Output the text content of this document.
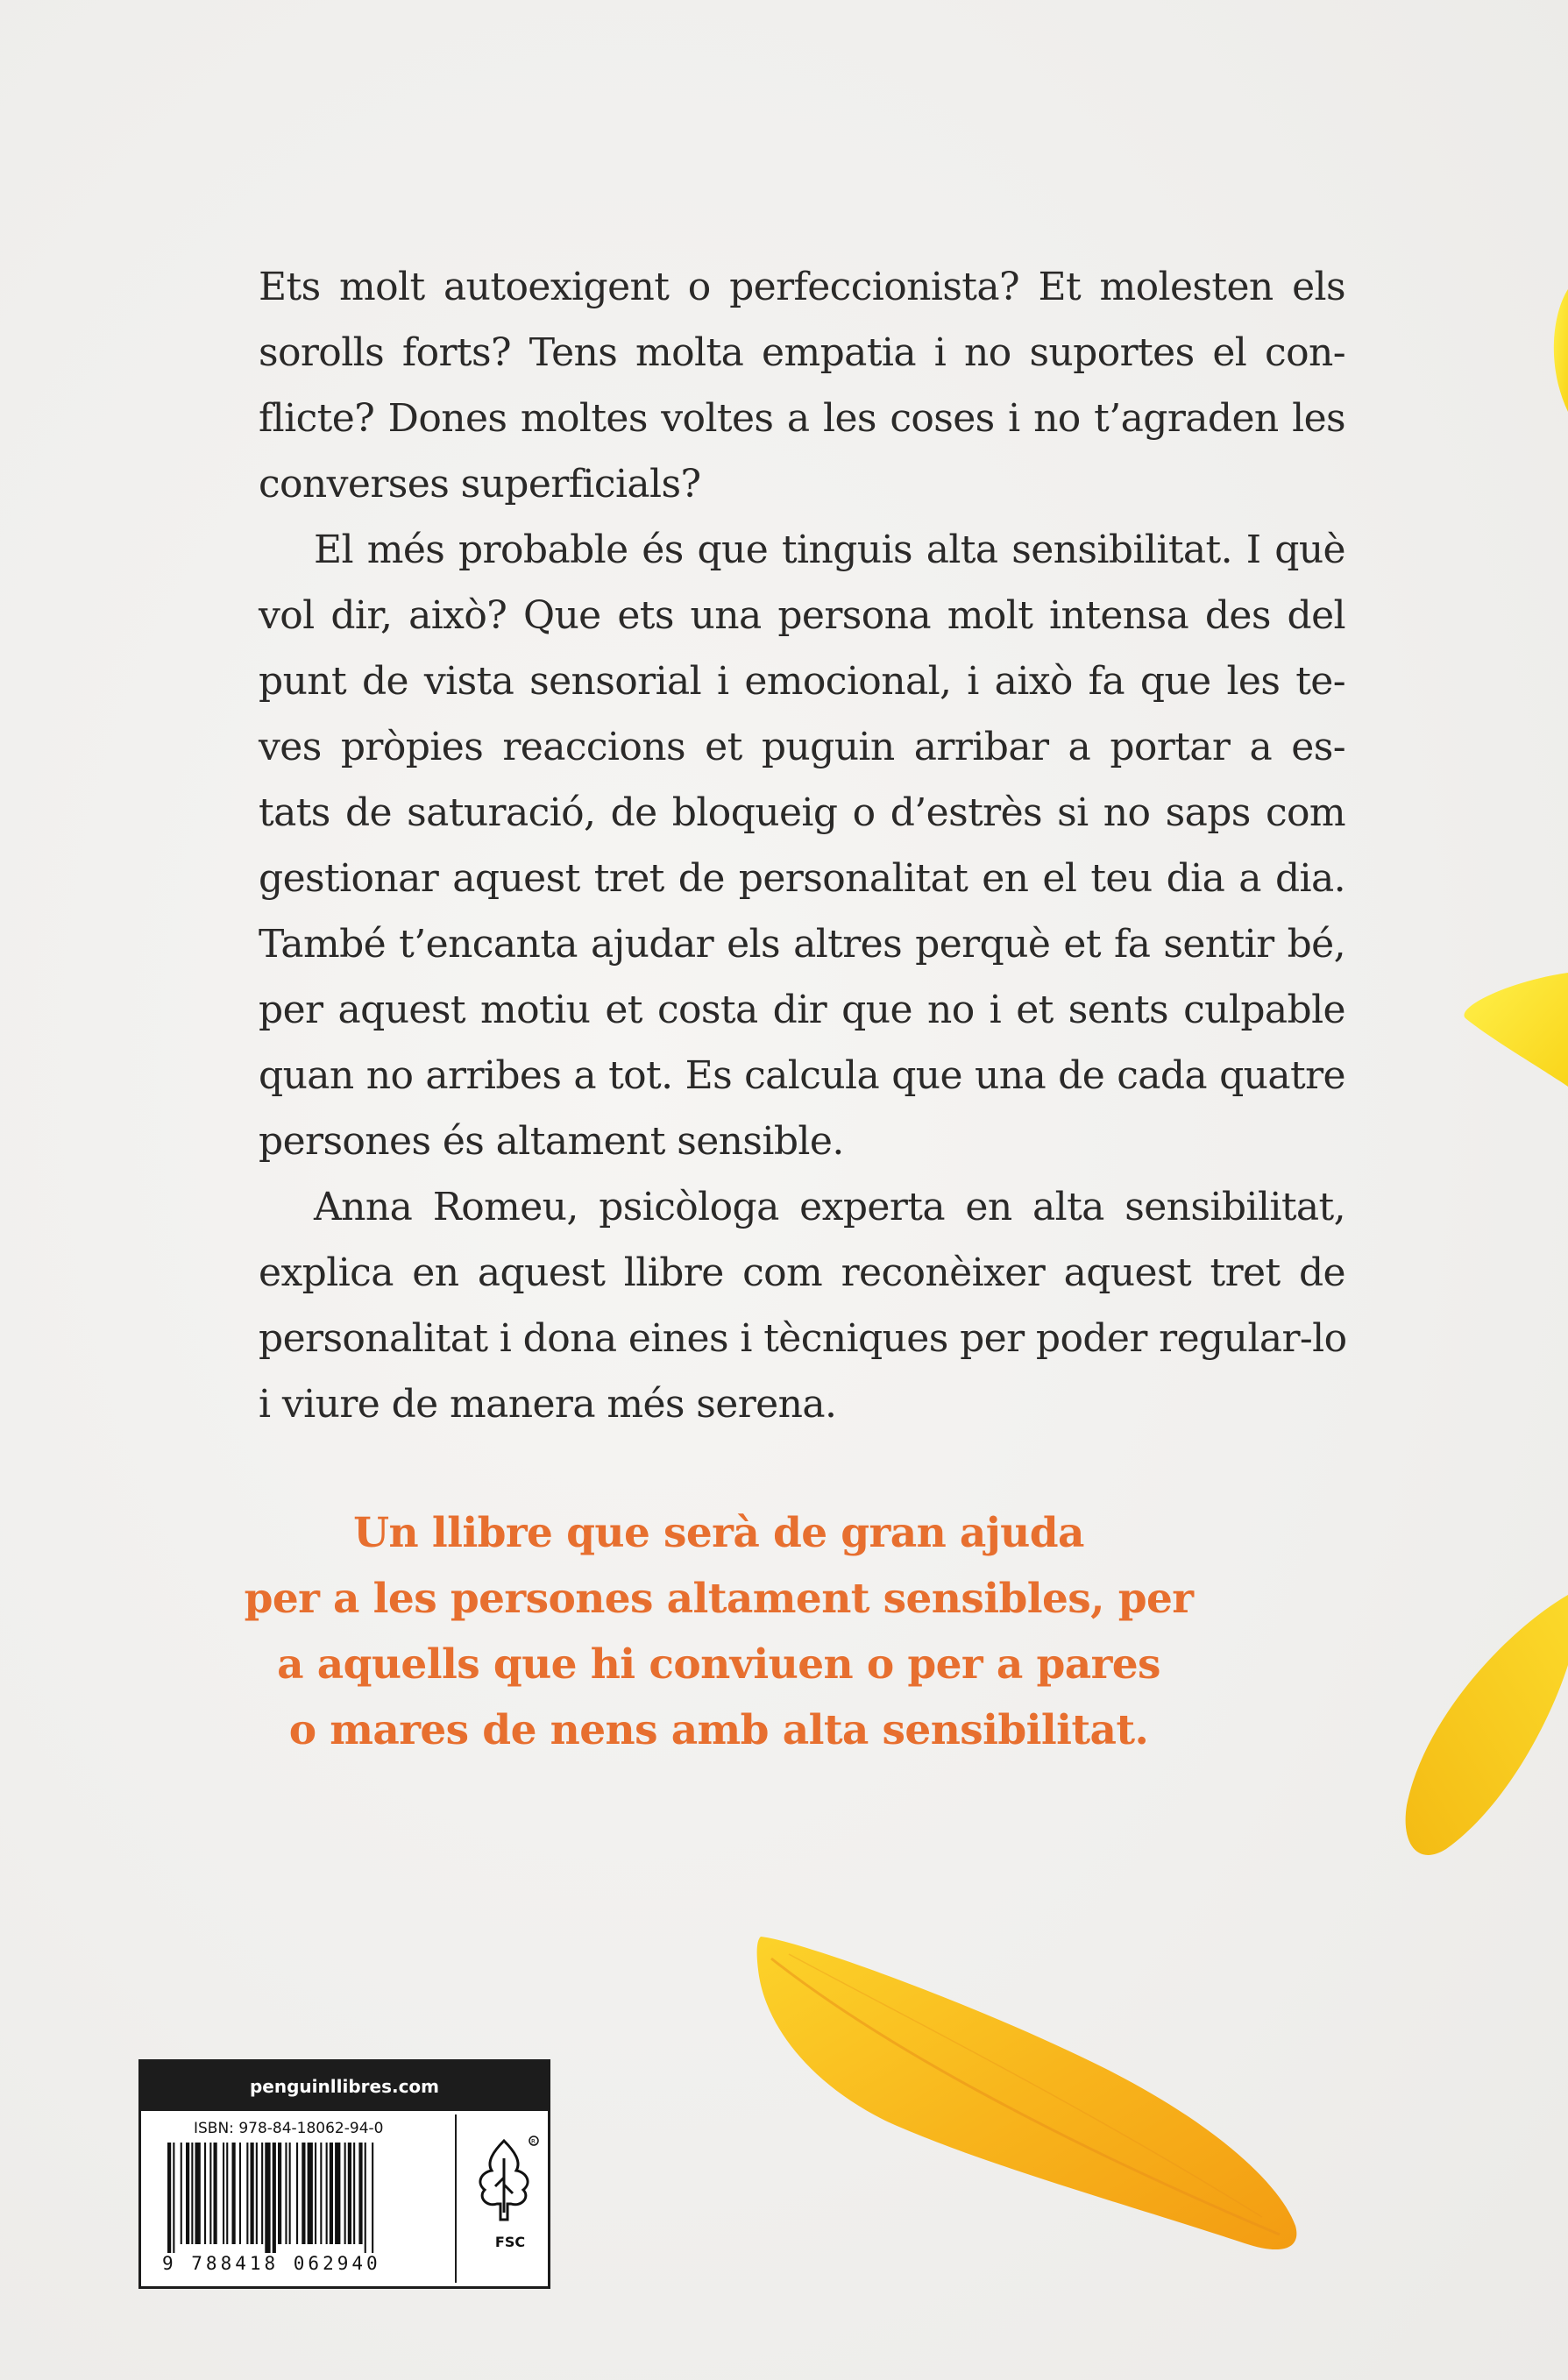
Ets molt autoexigent o perfeccionista? Et molesten els
sorolls forts? Tens molta empatia i no suportes el con-
flicte? Dones moltes voltes a les coses i no t’agraden les
converses superficials?
El més probable és que tinguis alta sensibilitat. I què
vol dir, això? Que ets una persona molt intensa des del
punt de vista sensorial i emocional, i això fa que les te-
ves pròpies reaccions et puguin arribar a portar a es-
tats de saturació, de bloqueig o d’estrès si no saps com
gestionar aquest tret de personalitat en el teu dia a dia.
També t’encanta ajudar els altres perquè et fa sentir bé,
per aquest motiu et costa dir que no i et sents culpable
quan no arribes a tot. Es calcula que una de cada quatre
persones és altament sensible.
Anna Romeu, psicòloga experta en alta sensibilitat,
explica en aquest llibre com reconèixer aquest tret de
personalitat i dona eines i tècniques per poder regular-lo
i viure de manera més serena.
Un llibre que serà de gran ajuda
per a les persones altament sensibles, per
a aquells que hi conviuen o per a pares
o mares de nens amb alta sensibilitat.
penguinllibres.com
ISBN: 978-84-18062-94-0
9 788418 062940
R
FSC
